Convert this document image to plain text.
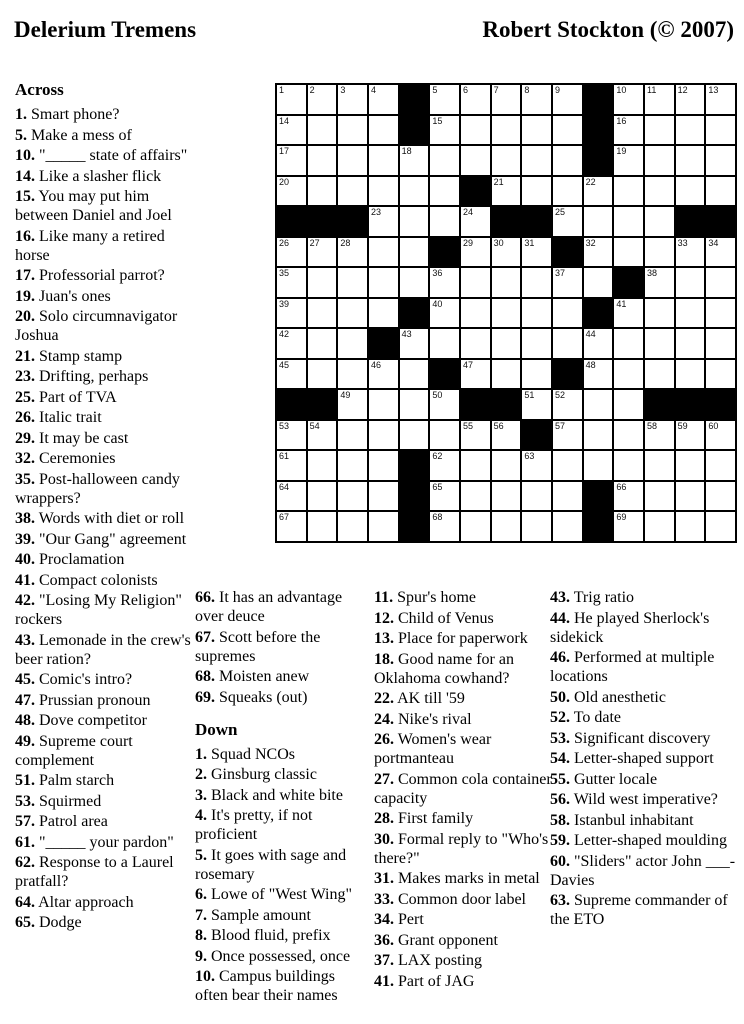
Delerium Tremens	Robert Stockton (© 2007)
1	2	3	4	5	6	7	8	9	10 11 12 13
14	15	16
17	18	19
20	21	22
23	24	25
26 27 28	29 30 31	32	33 34
35	36	37	38
39	40	41
42	43	44
45	46	47	48
49	50	51 52
53 54	55 56	57	58 59 60
61	62	63
64	65	66
67	68	69
Across
1. Smart phone?
5. Make a mess of
10. "_____ state of affairs"
14. Like a slasher flick
15. You may put him between Daniel and Joel
16. Like many a retired horse
17. Professorial parrot?
19. Juan's ones
20. Solo circumnavigator Joshua
21. Stamp stamp
23. Drifting, perhaps
25. Part of TVA
26. Italic trait
29. It may be cast
32. Ceremonies
35. Post-halloween candy wrappers?
38. Words with diet or roll
39. "Our Gang" agreement
40. Proclamation
41. Compact colonists
42. "Losing My Religion" rockers
43. Lemonade in the crew's beer ration?
45. Comic's intro?
47. Prussian pronoun
48. Dove competitor
49. Supreme court complement
51. Palm starch
53. Squirmed
57. Patrol area
61. "_____ your pardon"
62. Response to a Laurel pratfall?
64. Altar approach
65. Dodge
66. It has an advantage over deuce
67. Scott before the supremes
68. Moisten anew
69. Squeaks (out)
Down
1. Squad NCOs
2. Ginsburg classic
3. Black and white bite
4. It's pretty, if not proficient
5. It goes with sage and rosemary
6. Lowe of "West Wing"
7. Sample amount
8. Blood fluid, prefix
9. Once possessed, once
10. Campus buildings often bear their names
11. Spur's home
12. Child of Venus
13. Place for paperwork
18. Good name for an Oklahoma cowhand?
22. AK till '59
24. Nike's rival
26. Women's wear portmanteau
27. Common cola container capacity
28. First family
30. Formal reply to "Who's there?"
31. Makes marks in metal
33. Common door label
34. Pert
36. Grant opponent
37. LAX posting
41. Part of JAG
43. Trig ratio
44. He played Sherlock's sidekick
46. Performed at multiple locations
50. Old anesthetic
52. To date
53. Significant discovery
54. Letter-shaped support
55. Gutter locale
56. Wild west imperative?
58. Istanbul inhabitant
59. Letter-shaped moulding
60. "Sliders" actor John ___-Davies
63. Supreme commander of the ETO
